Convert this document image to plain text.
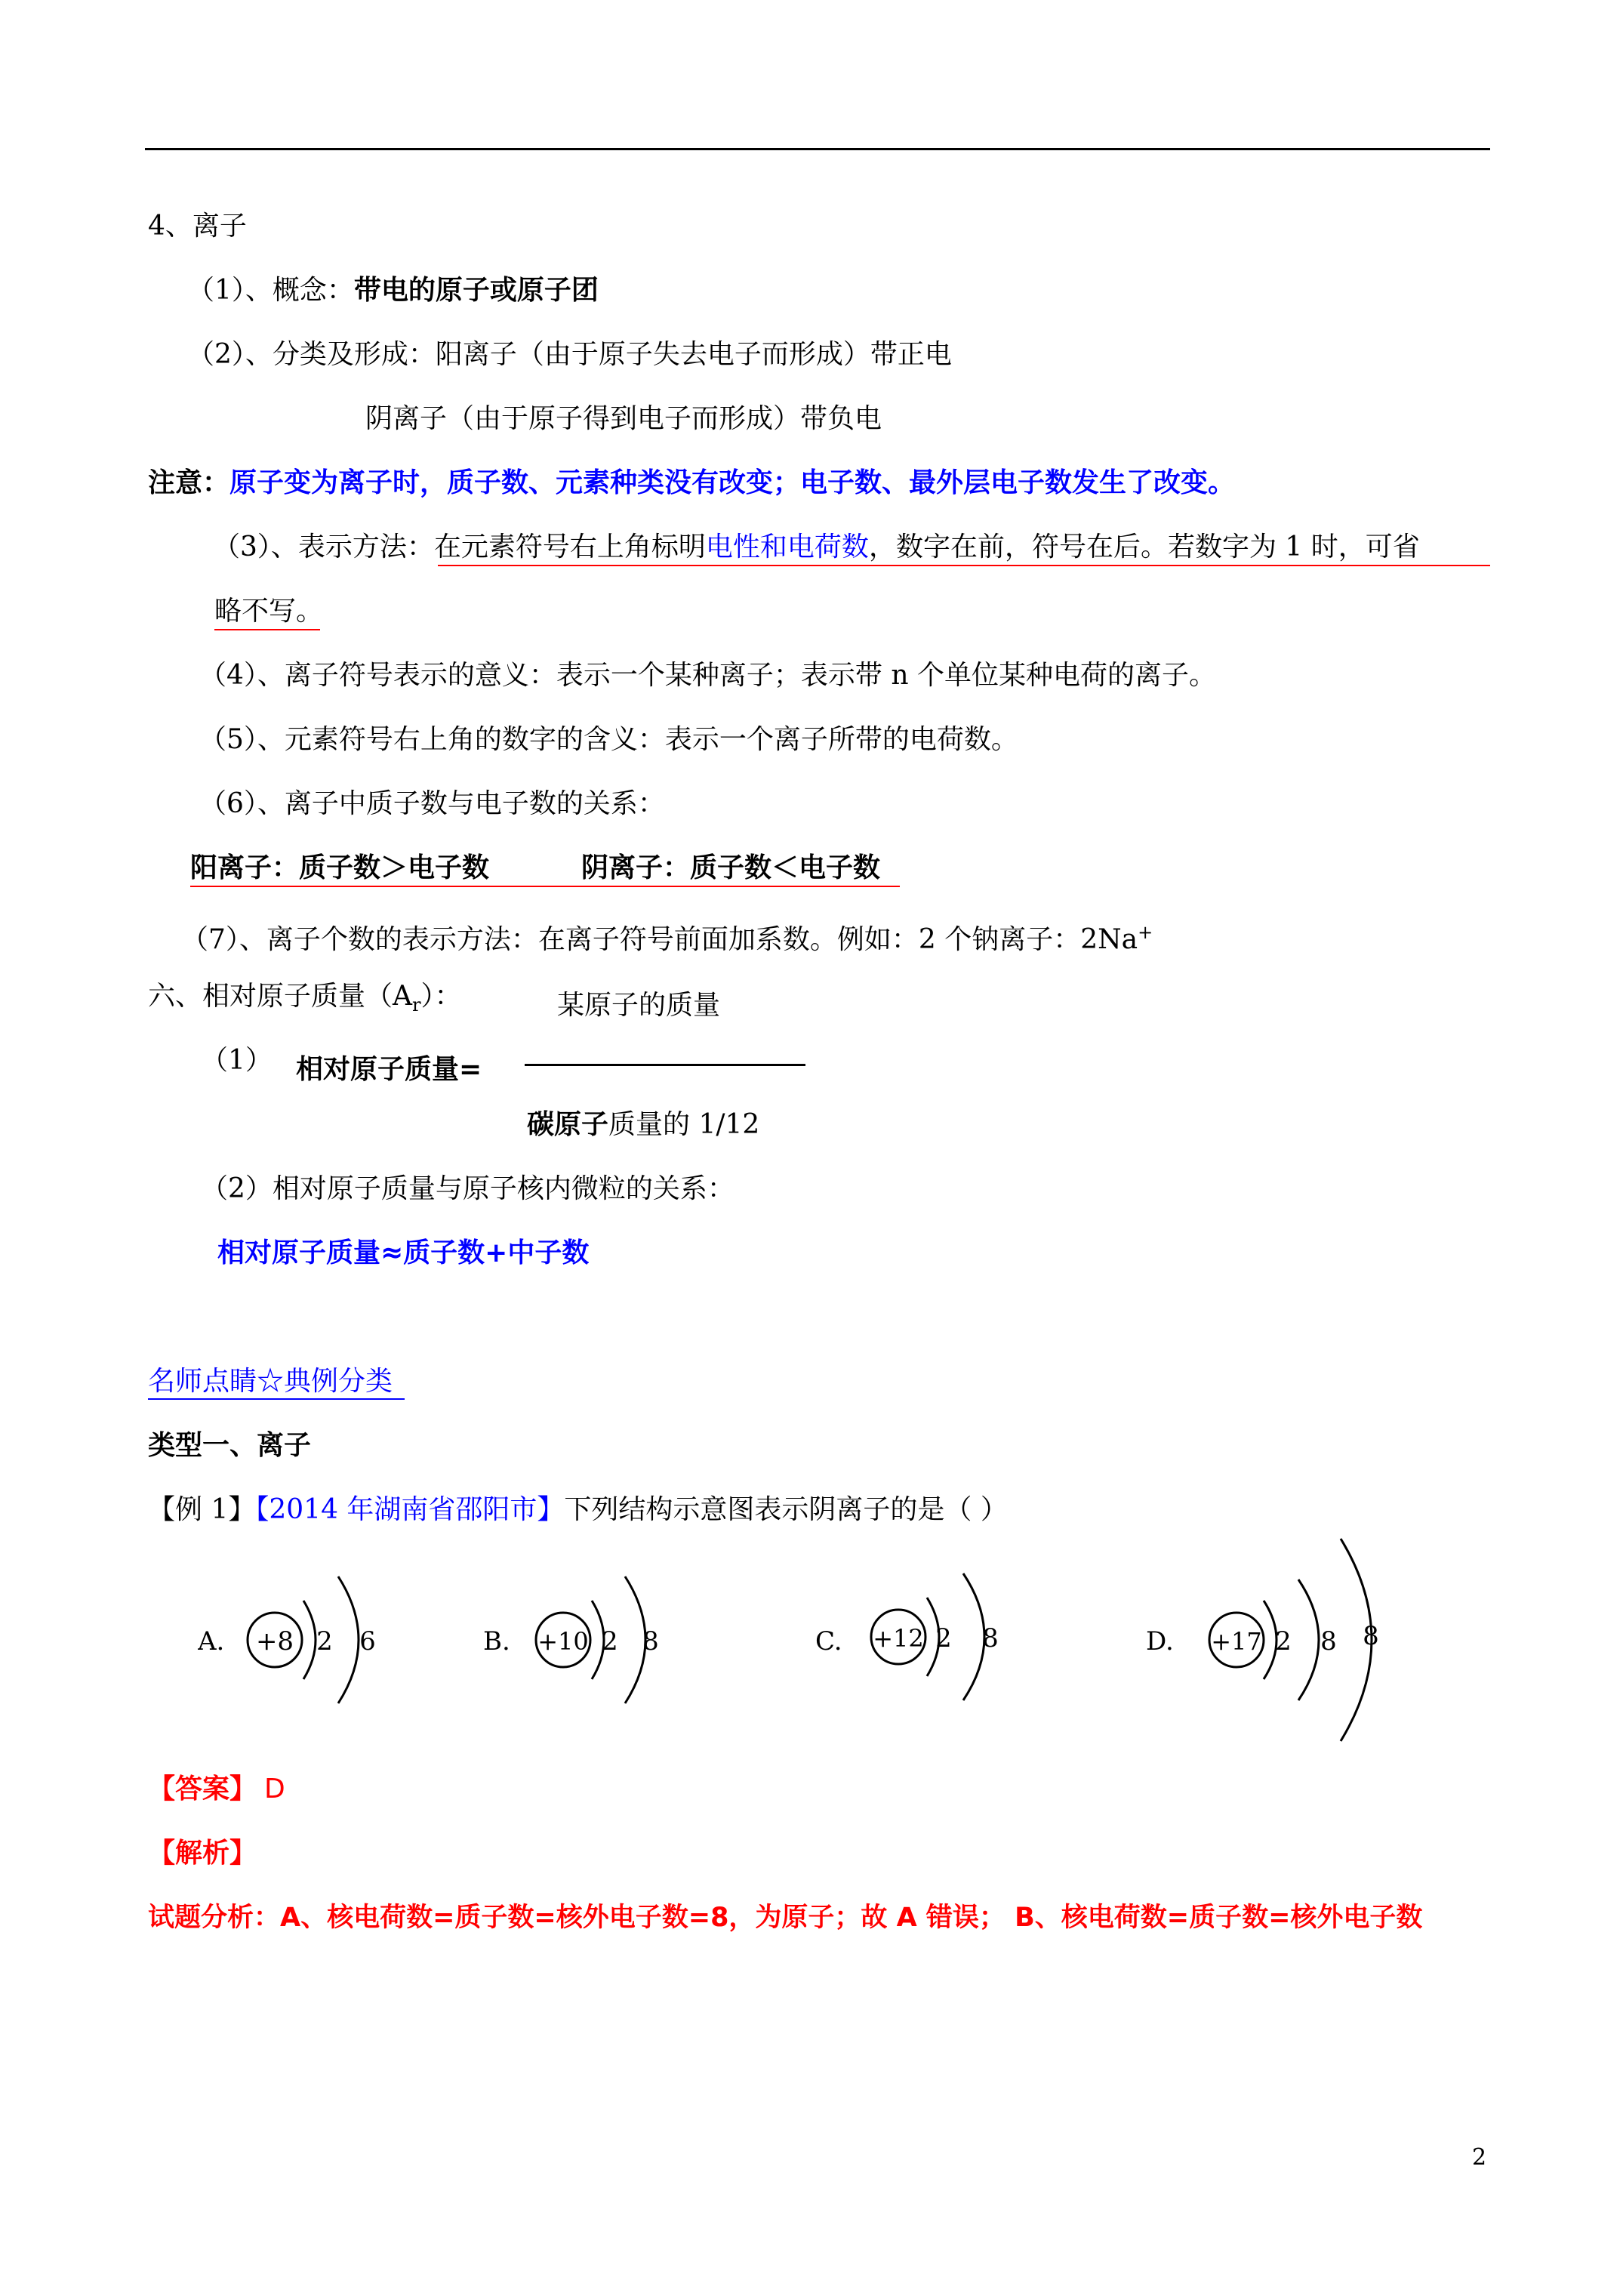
4、离子
（1）、概念：带电的原子或原子团
（2）、分类及形成：阳离子（由于原子失去电子而形成）带正电
阴离子（由于原子得到电子而形成）带负电
注意：原子变为离子时，质子数、元素种类没有改变；电子数、最外层电子数发生了改变。
（3）、表示方法：在元素符号右上角标明电性和电荷数，数字在前，符号在后。若数字为 1 时，可省
略不写。
（4）、离子符号表示的意义：表示一个某种离子；表示带 n 个单位某种电荷的离子。
（5）、元素符号右上角的数字的含义：表示一个离子所带的电荷数。
（6）、离子中质子数与电子数的关系：
阳离子：质子数＞电子数	阴离子：质子数＜电子数
（7）、离子个数的表示方法：在离子符号前面加系数。例如：2 个钠离子：2Na+
六、相对原子质量$(A_r)$：	某原子的质量
（1） 相对原子质量=
碳原子质量的 1/12
（2）相对原子质量与原子核内微粒的关系：
相对原子质量≈质子数+中子数
名师点睛☆典例分类
类型一、离子
【例 1】【2014 年湖南省邵阳市】下列结构示意图表示阴离子的是（ ）
A. +8 2 6	B. +10 2 8	C. +12 2 8	D. +17 2 8 8
【答案】 D
【解析】
试题分析：A、核电荷数=质子数=核外电子数=8，为原子；故 A 错误； B、核电荷数=质子数=核外电子数
2
